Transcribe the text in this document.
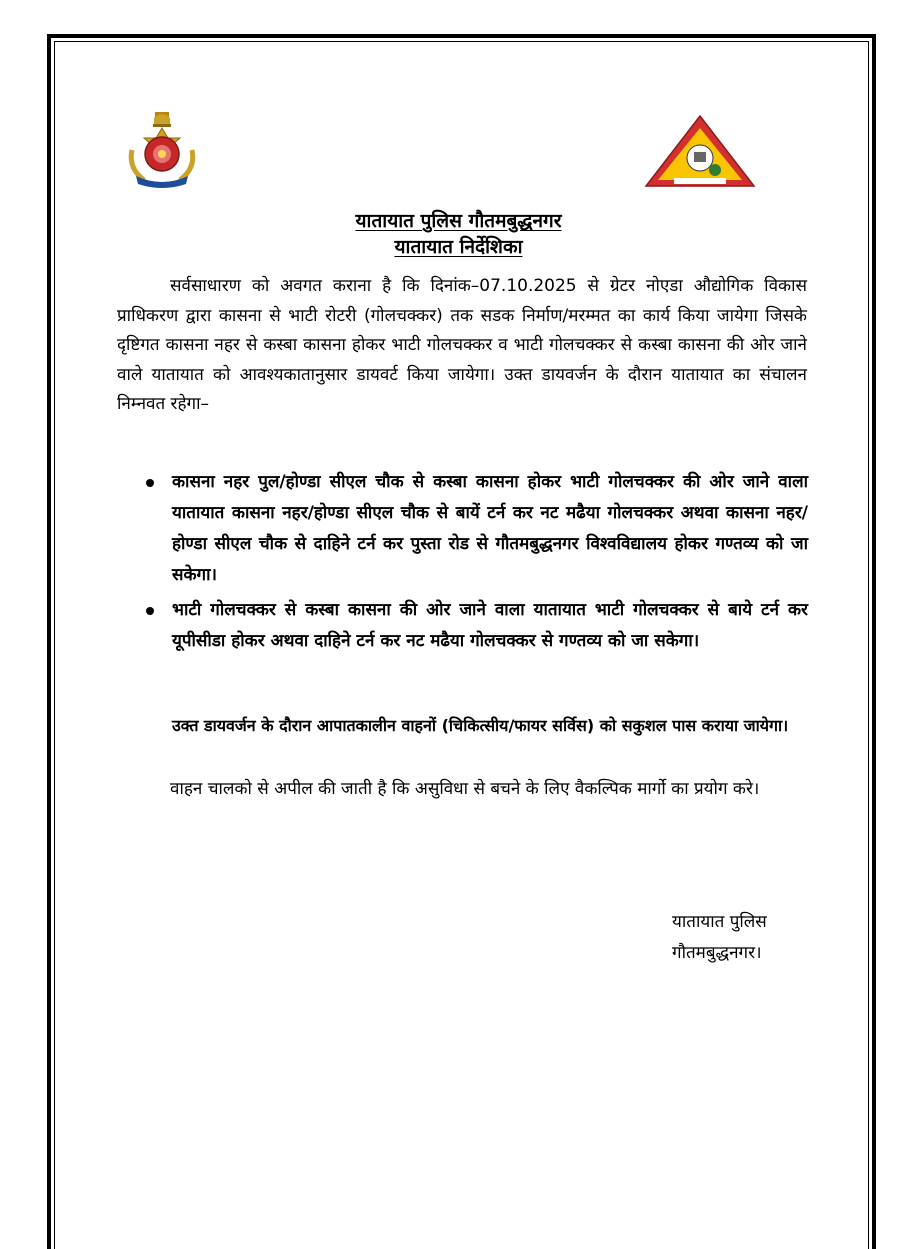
यातायात पुलिस गौतमबुद्धनगर
यातायात निर्देशिका

सर्वसाधारण को अवगत कराना है कि दिनांक–07.10.2025 से ग्रेटर नोएडा औद्योगिक विकास प्राधिकरण द्वारा कासना से भाटी रोटरी (गोलचक्कर) तक सडक निर्माण/मरम्मत का कार्य किया जायेगा जिसके दृष्टिगत कासना नहर से कस्बा कासना होकर भाटी गोलचक्कर व भाटी गोलचक्कर से कस्बा कासना की ओर जाने वाले यातायात को आवश्यकातानुसार डायवर्ट किया जायेगा। उक्त डायवर्जन के दौरान यातायात का संचालन निम्नवत रहेगा–

कासना नहर पुल/होण्डा सीएल चौक से कस्बा कासना होकर भाटी गोलचक्कर की ओर जाने वाला यातायात कासना नहर/होण्डा सीएल चौक से बायें टर्न कर नट मढैया गोलचक्कर अथवा कासना नहर/होण्डा सीएल चौक से दाहिने टर्न कर पुस्ता रोड से गौतमबुद्धनगर विश्वविद्यालय होकर गण्तव्य को जा सकेगा।
भाटी गोलचक्कर से कस्बा कासना की ओर जाने वाला यातायात भाटी गोलचक्कर से बाये टर्न कर यूपीसीडा होकर अथवा दाहिने टर्न कर नट मढैया गोलचक्कर से गण्तव्य को जा सकेगा।

उक्त डायवर्जन के दौरान आपातकालीन वाहनों (चिकित्सीय/फायर सर्विस) को सकुशल पास कराया जायेगा।

वाहन चालको से अपील की जाती है कि असुविधा से बचने के लिए वैकल्पिक मार्गो का प्रयोग करे।

यातायात पुलिस
गौतमबुद्धनगर।
